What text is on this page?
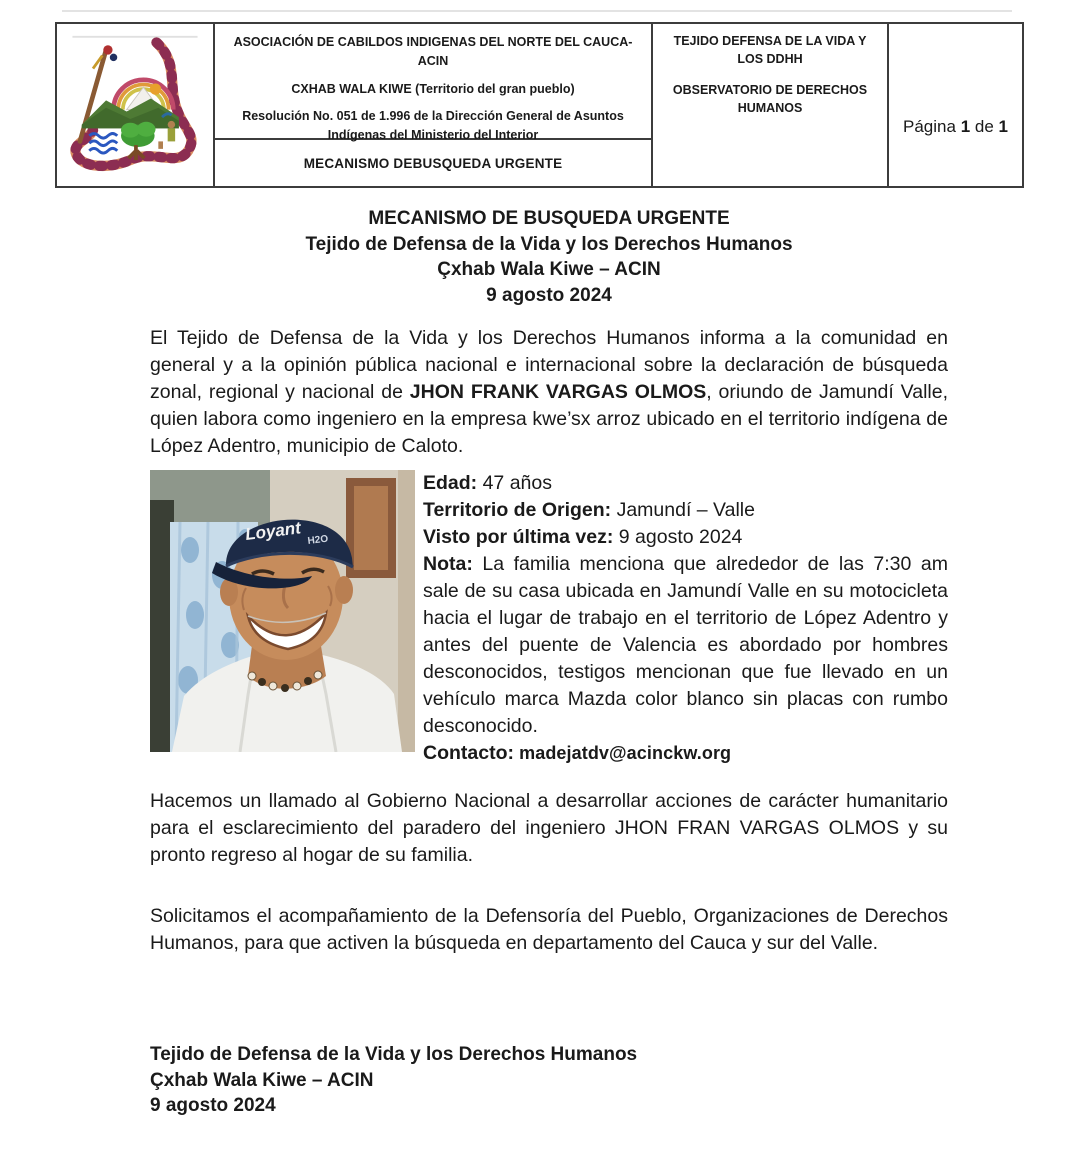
ASOCIACIÓN DE CABILDOS INDIGENAS DEL NORTE DEL CAUCA-ACIN
CXHAB WALA KIWE (Territorio del gran pueblo)
Resolución No. 051 de 1.996 de la Dirección General de Asuntos Indígenas del Ministerio del Interior
MECANISMO DEBUSQUEDA URGENTE
TEJIDO DEFENSA DE LA VIDA Y LOS DDHH
OBSERVATORIO DE DERECHOS HUMANOS
Página 1 de 1
MECANISMO DE BUSQUEDA URGENTE
Tejido de Defensa de la Vida y los Derechos Humanos
Çxhab Wala Kiwe – ACIN
9 agosto 2024
El Tejido de Defensa de la Vida y los Derechos Humanos informa a la comunidad en general y a la opinión pública nacional e internacional sobre la declaración de búsqueda zonal, regional y nacional de JHON FRANK VARGAS OLMOS, oriundo de Jamundí Valle, quien labora como ingeniero en la empresa kwe’sx arroz ubicado en el territorio indígena de López Adentro, municipio de Caloto.
Loyant H2O
Edad: 47 años
Territorio de Origen: Jamundí – Valle
Visto por última vez: 9 agosto 2024
Nota: La familia menciona que alrededor de las 7:30 am sale de su casa ubicada en Jamundí Valle en su motocicleta hacia el lugar de trabajo en el territorio de López Adentro y antes del puente de Valencia es abordado por hombres desconocidos, testigos mencionan que fue llevado en un vehículo marca Mazda color blanco sin placas con rumbo desconocido.
Contacto: madejatdv@acinckw.org
Hacemos un llamado al Gobierno Nacional a desarrollar acciones de carácter humanitario para el esclarecimiento del paradero del ingeniero JHON FRAN VARGAS OLMOS y su pronto regreso al hogar de su familia.
Solicitamos el acompañamiento de la Defensoría del Pueblo, Organizaciones de Derechos Humanos, para que activen la búsqueda en departamento del Cauca y sur del Valle.
Tejido de Defensa de la Vida y los Derechos Humanos
Çxhab Wala Kiwe – ACIN
9 agosto 2024
